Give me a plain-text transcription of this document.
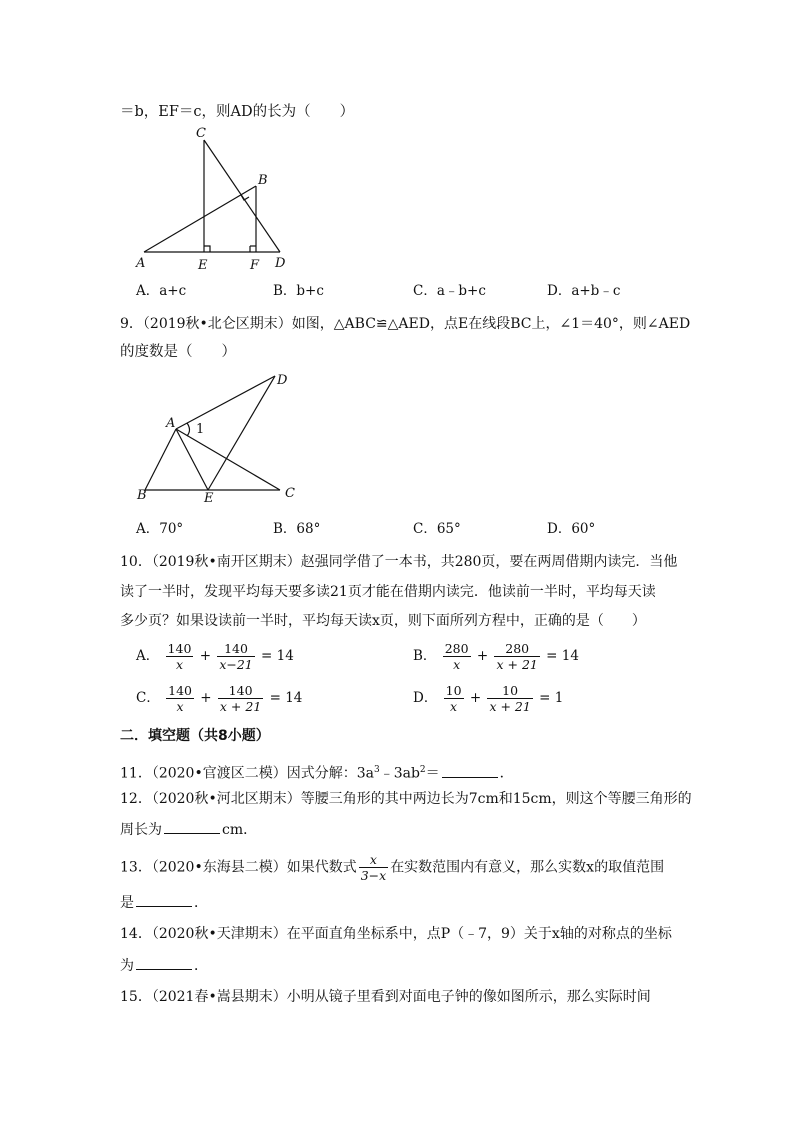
＝b，EF＝c，则AD的长为（　　）
C
B
A	E	F D
A．a+c	B．b+c	C．a﹣b+c	D．a+b﹣c
9．（2019秋•北仑区期末）如图，△ABC≌△AED，点E在线段BC上，∠1＝40°，则∠AED
的度数是（　　）
A
D
1
B	E	C
A．70°	B．68°	C．65°	D．60°
10．（2019秋•南开区期末）赵强同学借了一本书，共280页，要在两周借期内读完．当他
读了一半时，发现平均每天要多读21页才能在借期内读完．他读前一半时，平均每天读
多少页？如果设读前一半时，平均每天读x页，则下面所列方程中，正确的是（　　）
A． $\frac{140}{x} + \frac{140}{x-21} = 14$	B． $\frac{280}{x} + \frac{280}{x + 21} = 14$
C． $\frac{140}{x} + \frac{140}{x + 21} = 14$	D． $\frac{10}{x} + \frac{10}{x + 21} = 1$
二．填空题（共8小题）
11．（2020•官渡区二模）因式分解：$3a^3﹣3ab^2=$	．
12．（2020秋•河北区期末）等腰三角形的其中两边长为7cm和15cm，则这个等腰三角形的
周长为	cm．
13．（2020•东海县二模）如果代数式 $\frac{x}{3-x}$ 在实数范围内有意义，那么实数x的取值范围
是	．
14．（2020秋•天津期末）在平面直角坐标系中，点P（﹣7，9）关于x轴的对称点的坐标
为	．
15．（2021春•嵩县期末）小明从镜子里看到对面电子钟的像如图所示，那么实际时间
